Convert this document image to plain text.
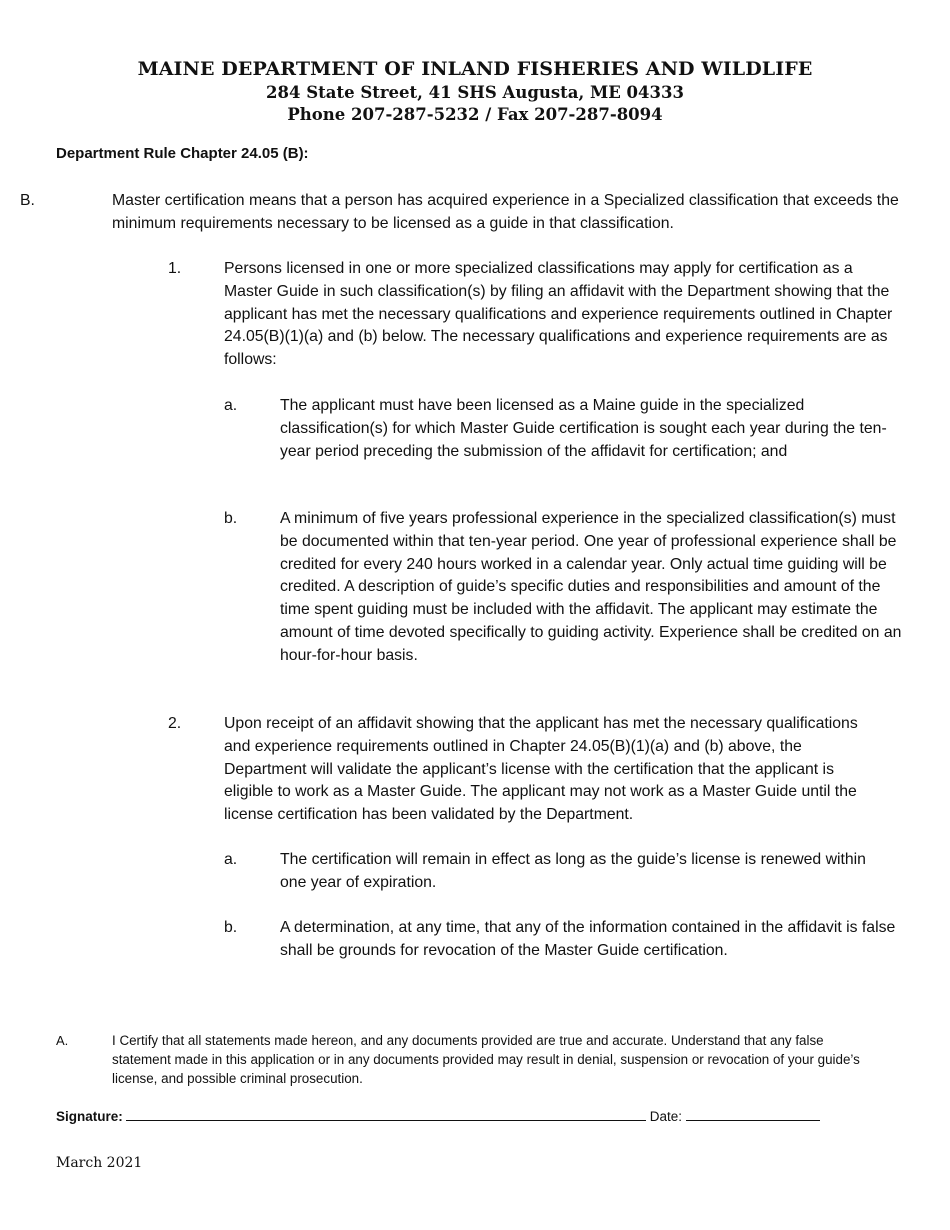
MAINE DEPARTMENT OF INLAND FISHERIES AND WILDLIFE
284 State Street, 41 SHS Augusta, ME 04333
Phone 207-287-5232 / Fax 207-287-8094
Department Rule Chapter 24.05 (B):
B.	Master certification means that a person has acquired experience in a Specialized classification that exceeds the minimum requirements necessary to be licensed as a guide in that classification.
1.	Persons licensed in one or more specialized classifications may apply for certification as a Master Guide in such classification(s) by filing an affidavit with the Department showing that the applicant has met the necessary qualifications and experience requirements outlined in Chapter 24.05(B)(1)(a) and (b) below. The necessary qualifications and experience requirements are as follows:
a.	The applicant must have been licensed as a Maine guide in the specialized classification(s) for which Master Guide certification is sought each year during the ten-year period preceding the submission of the affidavit for certification; and
b.	A minimum of five years professional experience in the specialized classification(s) must be documented within that ten-year period. One year of professional experience shall be credited for every 240 hours worked in a calendar year. Only actual time guiding will be credited. A description of guide’s specific duties and responsibilities and amount of the time spent guiding must be included with the affidavit. The applicant may estimate the amount of time devoted specifically to guiding activity. Experience shall be credited on an hour-for-hour basis.
2.	Upon receipt of an affidavit showing that the applicant has met the necessary qualifications and experience requirements outlined in Chapter 24.05(B)(1)(a) and (b) above, the Department will validate the applicant’s license with the certification that the applicant is eligible to work as a Master Guide. The applicant may not work as a Master Guide until the license certification has been validated by the Department.
a.	The certification will remain in effect as long as the guide’s license is renewed within one year of expiration.
b.	A determination, at any time, that any of the information contained in the affidavit is false shall be grounds for revocation of the Master Guide certification.
A.	I Certify that all statements made hereon, and any documents provided are true and accurate. Understand that any false statement made in this application or in any documents provided may result in denial, suspension or revocation of your guide’s license, and possible criminal prosecution.
Signature:	Date:
March 2021
